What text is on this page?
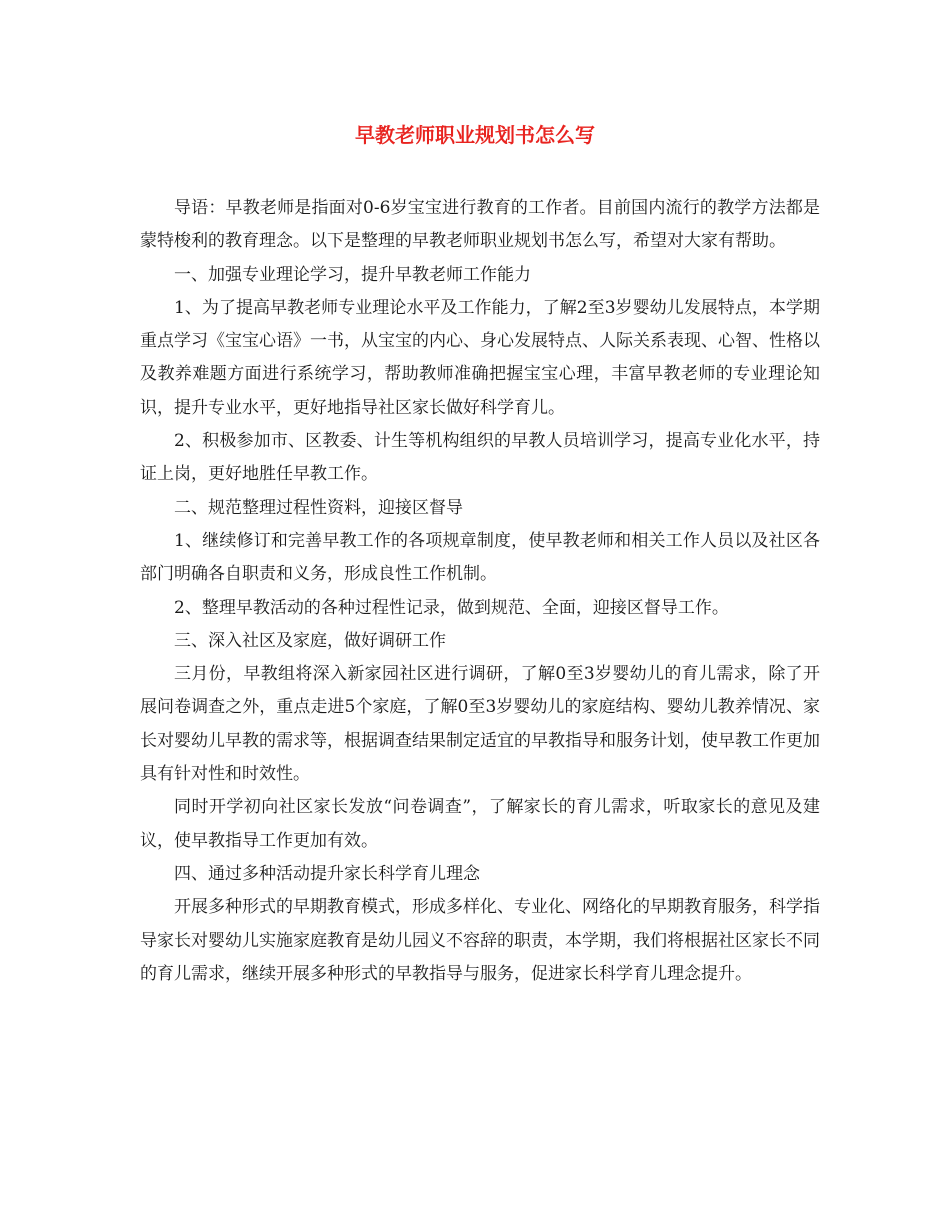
早教老师职业规划书怎么写

导语：早教老师是指面对0-6岁宝宝进行教育的工作者。目前国内流行的教学方法都是蒙特梭利的教育理念。以下是整理的早教老师职业规划书怎么写，希望对大家有帮助。

一、加强专业理论学习，提升早教老师工作能力

1、为了提高早教老师专业理论水平及工作能力，了解2至3岁婴幼儿发展特点，本学期重点学习《宝宝心语》一书，从宝宝的内心、身心发展特点、人际关系表现、心智、性格以及教养难题方面进行系统学习，帮助教师准确把握宝宝心理，丰富早教老师的专业理论知识，提升专业水平，更好地指导社区家长做好科学育儿。

2、积极参加市、区教委、计生等机构组织的早教人员培训学习，提高专业化水平，持证上岗，更好地胜任早教工作。

二、规范整理过程性资料，迎接区督导

1、继续修订和完善早教工作的各项规章制度，使早教老师和相关工作人员以及社区各部门明确各自职责和义务，形成良性工作机制。

2、整理早教活动的各种过程性记录，做到规范、全面，迎接区督导工作。

三、深入社区及家庭，做好调研工作

三月份，早教组将深入新家园社区进行调研，了解0至3岁婴幼儿的育儿需求，除了开展问卷调查之外，重点走进5个家庭，了解0至3岁婴幼儿的家庭结构、婴幼儿教养情况、家长对婴幼儿早教的需求等，根据调查结果制定适宜的早教指导和服务计划，使早教工作更加具有针对性和时效性。

同时开学初向社区家长发放“问卷调查”，了解家长的育儿需求，听取家长的意见及建议，使早教指导工作更加有效。

四、通过多种活动提升家长科学育儿理念

开展多种形式的早期教育模式，形成多样化、专业化、网络化的早期教育服务，科学指导家长对婴幼儿实施家庭教育是幼儿园义不容辞的职责，本学期，我们将根据社区家长不同的育儿需求，继续开展多种形式的早教指导与服务，促进家长科学育儿理念提升。
